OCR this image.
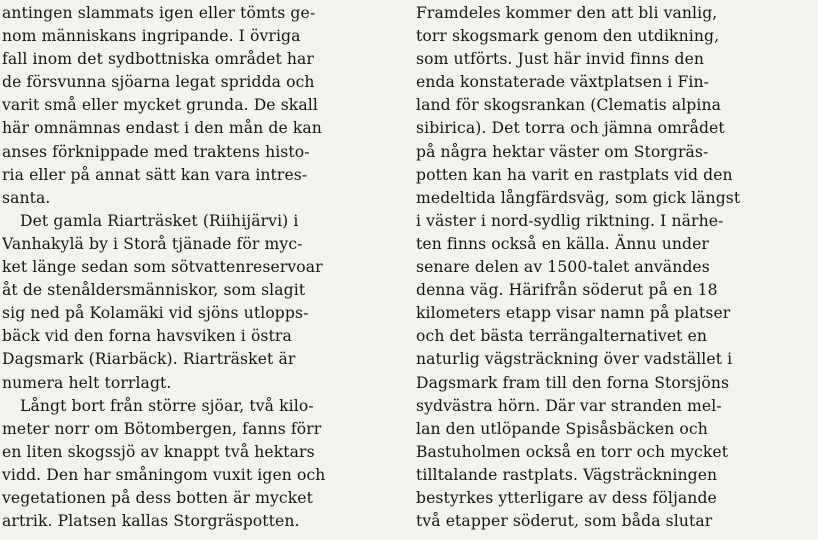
antingen slammats igen eller tömts ge-
nom människans ingripande. I övriga
fall inom det sydbottniska området har
de försvunna sjöarna legat spridda och
varit små eller mycket grunda. De skall
här omnämnas endast i den mån de kan
anses förknippade med traktens histo-
ria eller på annat sätt kan vara intres-
santa.
Det gamla Riarträsket (Riihijärvi) i
Vanhakylä by i Storå tjänade för myc-
ket länge sedan som sötvattenreservoar
åt de stenåldersmänniskor, som slagit
sig ned på Kolamäki vid sjöns utlopps-
bäck vid den forna havsviken i östra
Dagsmark (Riarbäck). Riarträsket är
numera helt torrlagt.
Långt bort från större sjöar, två kilo-
meter norr om Bötombergen, fanns förr
en liten skogssjö av knappt två hektars
vidd. Den har småningom vuxit igen och
vegetationen på dess botten är mycket
artrik. Platsen kallas Storgräspotten.
Framdeles kommer den att bli vanlig,
torr skogsmark genom den utdikning,
som utförts. Just här invid finns den
enda konstaterade växtplatsen i Fin-
land för skogsrankan (Clematis alpina
sibirica). Det torra och jämna området
på några hektar väster om Storgräs-
potten kan ha varit en rastplats vid den
medeltida långfärdsväg, som gick längst
i väster i nord-sydlig riktning. I närhe-
ten finns också en källa. Ännu under
senare delen av 1500-talet användes
denna väg. Härifrån söderut på en 18
kilometers etapp visar namn på platser
och det bästa terrängalternativet en
naturlig vägsträckning över vadstället i
Dagsmark fram till den forna Storsjöns
sydvästra hörn. Där var stranden mel-
lan den utlöpande Spisåsbäcken och
Bastuholmen också en torr och mycket
tilltalande rastplats. Vägsträckningen
bestyrkes ytterligare av dess följande
två etapper söderut, som båda slutar
